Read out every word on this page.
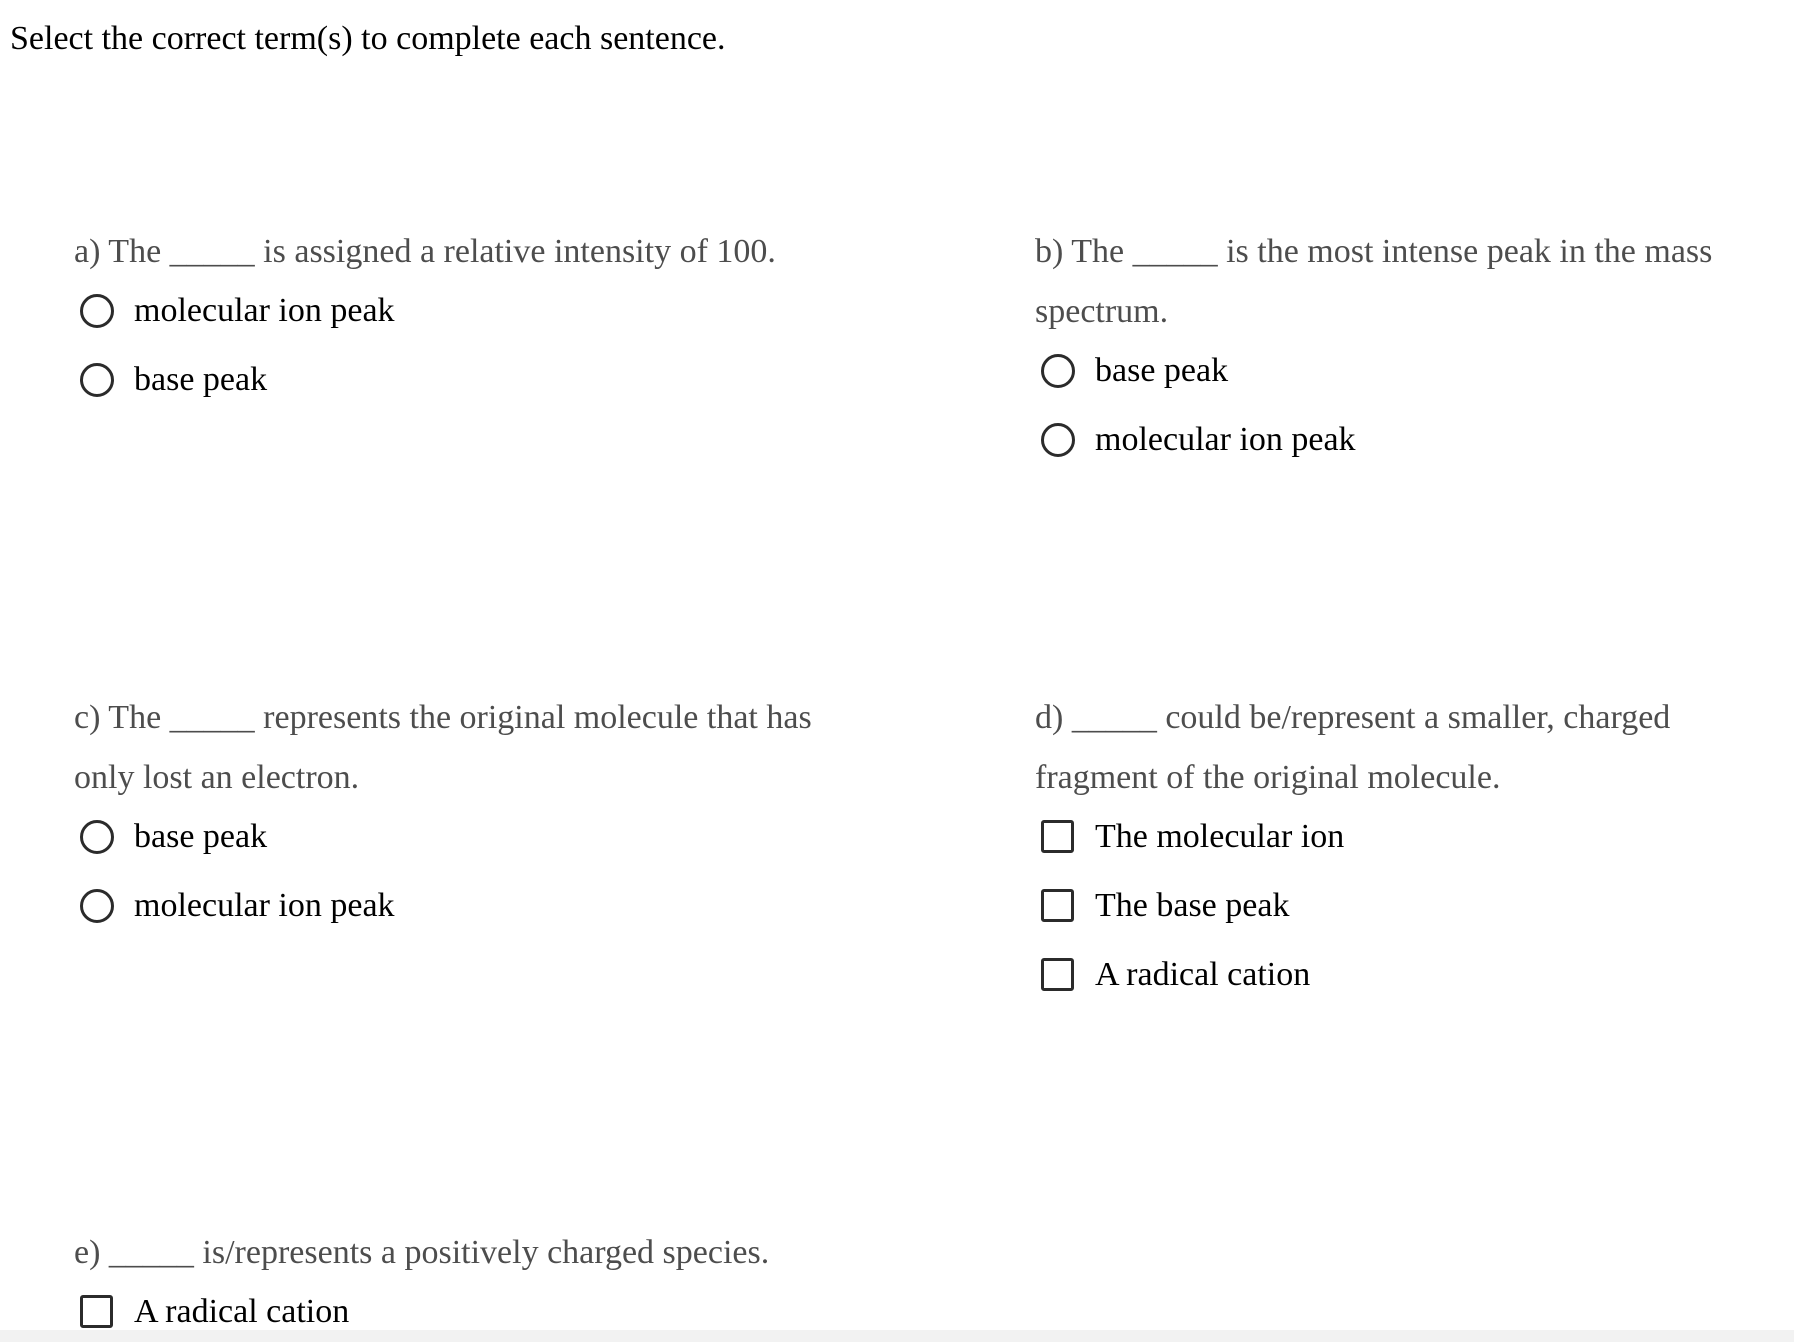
Select the correct term(s) to complete each sentence.

a) The _____ is assigned a relative intensity of 100.

molecular ion peak
base peak

b) The _____ is the most intense peak in the mass spectrum.

base peak
molecular ion peak

c) The _____ represents the original molecule that has only lost an electron.

base peak
molecular ion peak

d) _____ could be/represent a smaller, charged fragment of the original molecule.

The molecular ion
The base peak
A radical cation

e) _____ is/represents a positively charged species.

A radical cation
